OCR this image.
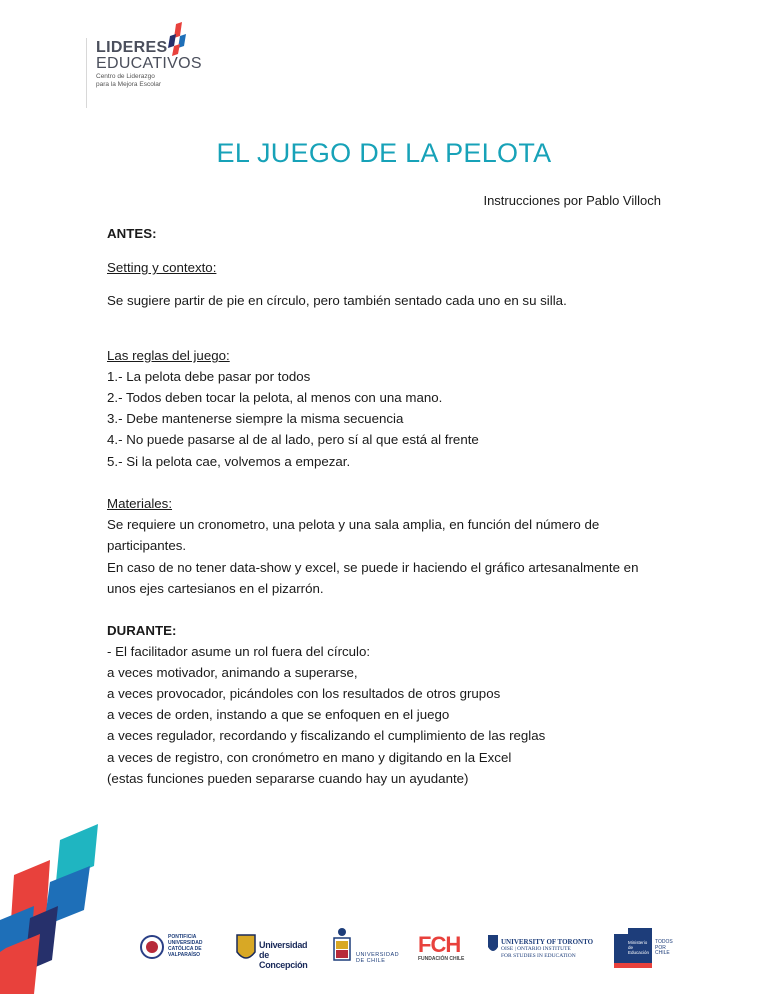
LIDERES
EDUCATIVOS
Centro de Liderazgo
para la Mejora Escolar
EL JUEGO DE LA PELOTA
Instrucciones por Pablo Villoch
ANTES:
Setting y contexto:
Se sugiere partir de pie en círculo, pero también sentado cada uno en su silla.
Las reglas del juego:
1.- La pelota debe pasar por todos
2.- Todos deben tocar la pelota, al menos con una mano.
3.- Debe mantenerse siempre la misma secuencia
4.- No puede pasarse al de al lado, pero sí al que está al frente
5.- Si la pelota cae, volvemos a empezar.
Materiales:
Se requiere un cronometro, una pelota y una sala amplia, en función del número de
participantes.
En caso de no tener data-show y excel, se puede ir haciendo el gráfico artesanalmente en
unos ejes cartesianos en el pizarrón.
DURANTE:
- El facilitador asume un rol fuera del círculo:
a veces motivador, animando a superarse,
a veces provocador, picándoles con los resultados de otros grupos
a veces de orden, instando a que se enfoquen en el juego
a veces regulador, recordando y fiscalizando el cumplimiento de las reglas
a veces de registro, con cronómetro en mano y digitando en la Excel
(estas funciones pueden separarse cuando hay un ayudante)
PONTIFICIA
UNIVERSIDAD
CATÓLICA DE
VALPARAÍSO
Universidad
de Concepción
UNIVERSIDAD
DE CHILE
FCH
FUNDACIÓN CHILE
UNIVERSITY OF TORONTO
OISE | ONTARIO INSTITUTE
FOR STUDIES IN EDUCATION
Ministerio de
Educación
TODOS
POR
CHILE
